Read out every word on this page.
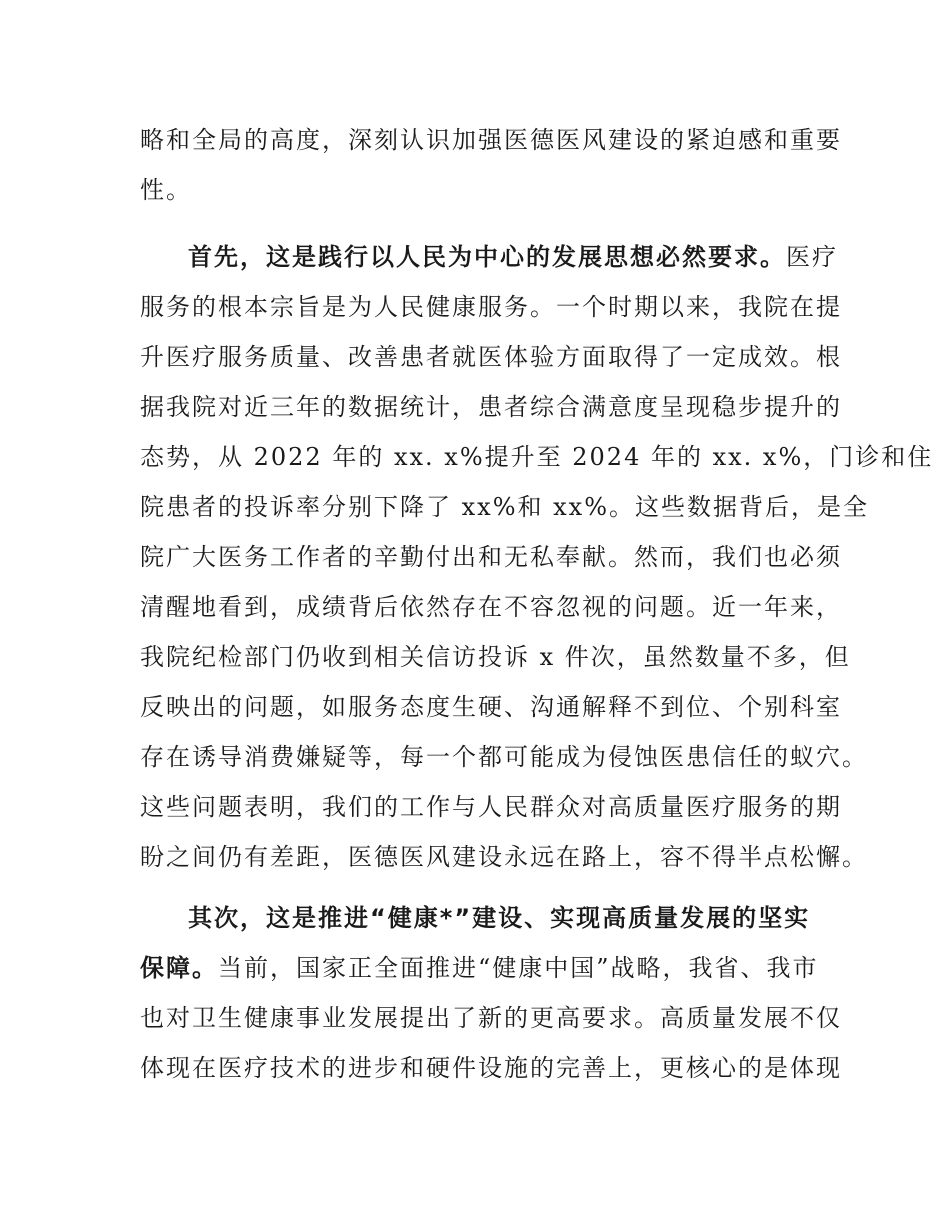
略和全局的高度，深刻认识加强医德医风建设的紧迫感和重要
性。
首先，这是践行以人民为中心的发展思想必然要求。医疗
服务的根本宗旨是为人民健康服务。一个时期以来，我院在提
升医疗服务质量、改善患者就医体验方面取得了一定成效。根
据我院对近三年的数据统计，患者综合满意度呈现稳步提升的
态势，从 2022 年的 xx. x%提升至 2024 年的 xx. x%，门诊和住
院患者的投诉率分别下降了 xx%和 xx%。这些数据背后，是全
院广大医务工作者的辛勤付出和无私奉献。然而，我们也必须
清醒地看到，成绩背后依然存在不容忽视的问题。近一年来，
我院纪检部门仍收到相关信访投诉 x 件次，虽然数量不多，但
反映出的问题，如服务态度生硬、沟通解释不到位、个别科室
存在诱导消费嫌疑等，每一个都可能成为侵蚀医患信任的蚁穴。
这些问题表明，我们的工作与人民群众对高质量医疗服务的期
盼之间仍有差距，医德医风建设永远在路上，容不得半点松懈。
其次，这是推进“健康*”建设、实现高质量发展的坚实
保障。当前，国家正全面推进“健康中国”战略，我省、我市
也对卫生健康事业发展提出了新的更高要求。高质量发展不仅
体现在医疗技术的进步和硬件设施的完善上，更核心的是体现
